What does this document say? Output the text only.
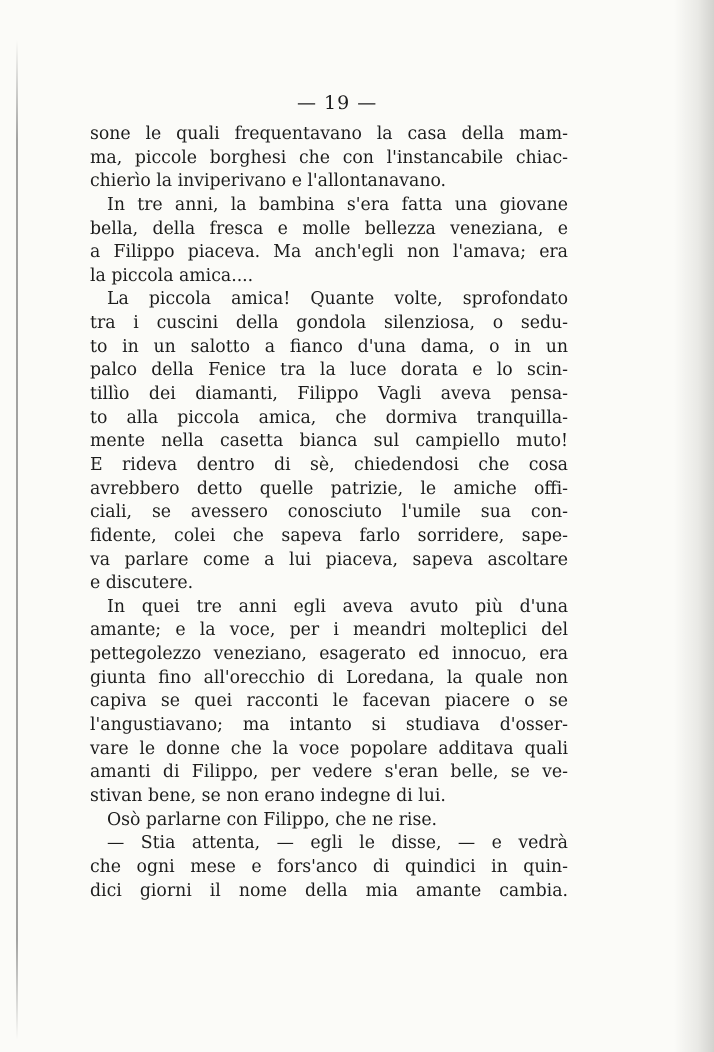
— 19 —
sone le quali frequentavano la casa della mam-
ma, piccole borghesi che con l'instancabile chiac-
chierìo la inviperivano e l'allontanavano.
In tre anni, la bambina s'era fatta una giovane
bella, della fresca e molle bellezza veneziana, e
a Filippo piaceva. Ma anch'egli non l'amava; era
la piccola amica....
La piccola amica! Quante volte, sprofondato
tra i cuscini della gondola silenziosa, o sedu-
to in un salotto a fianco d'una dama, o in un
palco della Fenice tra la luce dorata e lo scin-
tillìo dei diamanti, Filippo Vagli aveva pensa-
to alla piccola amica, che dormiva tranquilla-
mente nella casetta bianca sul campiello muto!
E rideva dentro di sè, chiedendosi che cosa
avrebbero detto quelle patrizie, le amiche offi-
ciali, se avessero conosciuto l'umile sua con-
fidente, colei che sapeva farlo sorridere, sape-
va parlare come a lui piaceva, sapeva ascoltare
e discutere.
In quei tre anni egli aveva avuto più d'una
amante; e la voce, per i meandri molteplici del
pettegolezzo veneziano, esagerato ed innocuo, era
giunta fino all'orecchio di Loredana, la quale non
capiva se quei racconti le facevan piacere o se
l'angustiavano; ma intanto si studiava d'osser-
vare le donne che la voce popolare additava quali
amanti di Filippo, per vedere s'eran belle, se ve-
stivan bene, se non erano indegne di lui.
Osò parlarne con Filippo, che ne rise.
— Stia attenta, — egli le disse, — e vedrà
che ogni mese e fors'anco di quindici in quin-
dici giorni il nome della mia amante cambia.
